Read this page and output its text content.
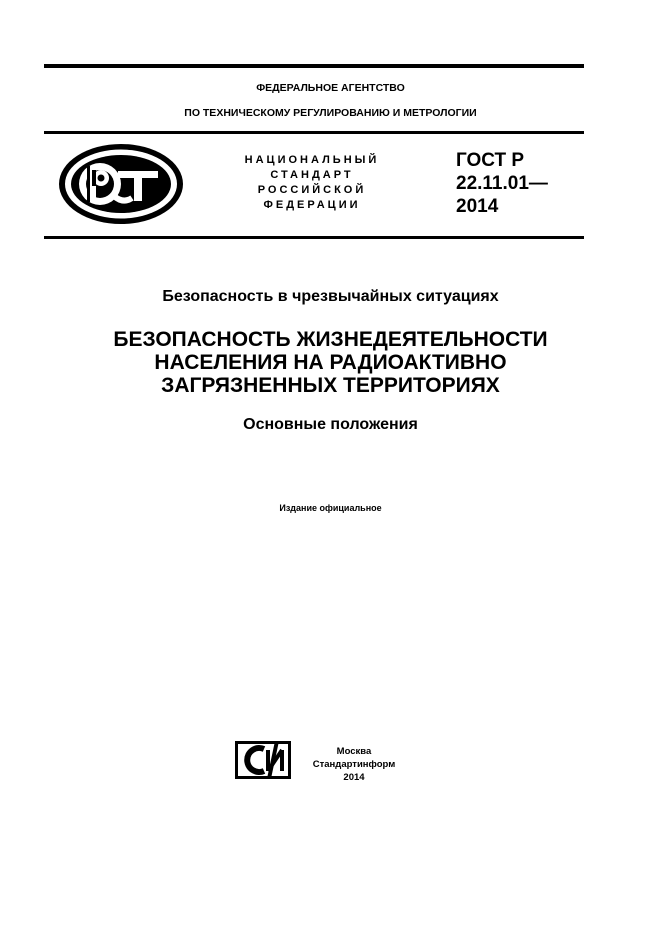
ФЕДЕРАЛЬНОЕ АГЕНТСТВО
ПО ТЕХНИЧЕСКОМУ РЕГУЛИРОВАНИЮ И МЕТРОЛОГИИ
НАЦИОНАЛЬНЫЙ
СТАНДАРТ
РОССИЙСКОЙ
ФЕДЕРАЦИИ
ГОСТ Р
22.11.01—
2014
Безопасность в чрезвычайных ситуациях
БЕЗОПАСНОСТЬ ЖИЗНЕДЕЯТЕЛЬНОСТИ
НАСЕЛЕНИЯ НА РАДИОАКТИВНО
ЗАГРЯЗНЕННЫХ ТЕРРИТОРИЯХ
Основные положения
Издание официальное
Москва
Стандартинформ
2014
